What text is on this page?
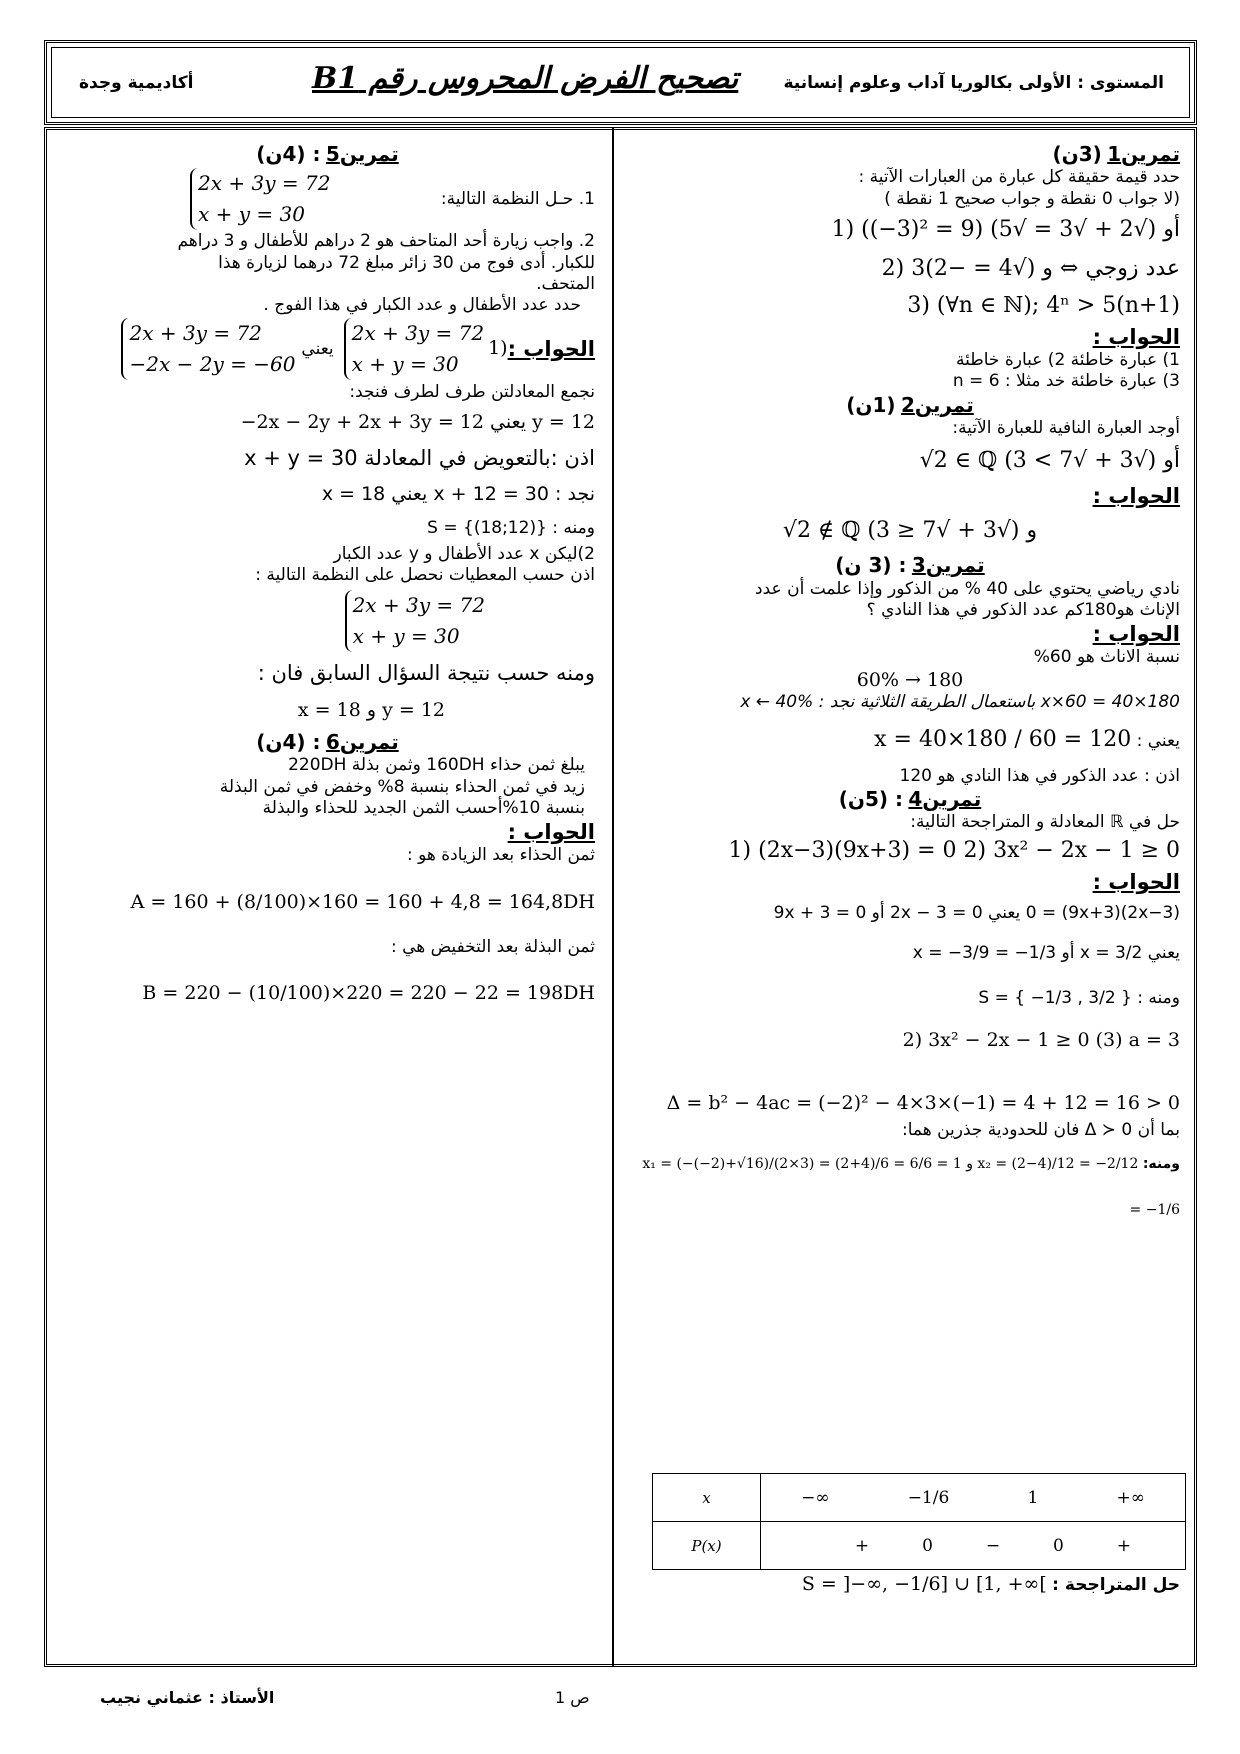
المستوى : الأولى بكالوريا آداب وعلوم إنسانية
تصحيح الفرض المحروس رقم B1
أكاديمية وجدة
تمرين1 (3ن)
حدد قيمة حقيقة كل عبارة من العبارات الآتية :
(لا جواب 0 نقطة و جواب صحيح 1 نقطة )
1) ((−3)² = 9) أو (√2 + √3 = √5)
2) 3عدد زوجي ⇔ و (√4 = −2)
3) (∀n ∈ ℕ); 4ⁿ > 5(n+1)
الحواب :
1) عبارة خاطئة 2) عبارة خاطئة
3) عبارة خاطئة خد مثلا : n = 6
تمرين2 (1ن)
أوجد العبارة النافية للعبارة الآتية:
√2 ∈ ℚ أو (√3 + √7 > 3)
الحواب :
√2 ∉ ℚ و (√3 + √7 ≤ 3)
تمرين3 : (3 ن)
نادي رياضي يحتوي على 40 % من الذكور وإذا علمت أن عدد
الإناث هو180كم عدد الذكور في هذا النادي ؟
الحواب :
نسبة الاناث هو 60%
60% → 180
x×60 = 40×180 باستعمال الطريقة الثلاثية نجد : x ← 40%
يعني : x = 40×180 / 60 = 120
اذن : عدد الذكور في هذا النادي هو 120
تمرين4 : (5ن)
حل في ℝ المعادلة و المتراجحة التالية:
1) (2x−3)(9x+3) = 0 2) 3x² − 2x − 1 ≥ 0
الحواب :
(2x−3)(9x+3) = 0 يعني 2x − 3 = 0 أو 9x + 3 = 0
يعني x = 3/2 أو x = −3/9 = −1/3
ومنه : S = { −1/3 , 3/2 }
2) 3x² − 2x − 1 ≥ 0 (3) a = 3
Δ = b² − 4ac = (−2)² − 4×3×(−1) = 4 + 12 = 16 > 0
بما أن Δ ≻ 0 فان للحدودية جذرين هما:
ومنه: x₁ = (−(−2)+√16)/(2×3) = (2+4)/6 = 6/6 = 1 و x₂ = (2−4)/12 = −2/12 = −1/6
x	−∞ −1/6 1 +∞

P(x)	+ 0 − 0 +
حل المتراجحة : S = ]−∞, −1/6] ∪ [1, +∞[
تمرين5 : (4ن)
1. حـل النظمة التالية:
2x + 3y = 72
x + y = 30
2. واجب زيارة أحد المتاحف هو 2 دراهم للأطفال و 3 دراهم
للكبار. أدى فوج من 30 زائر مبلغ 72 درهما لزيارة هذا
المتحف.
حدد عدد الأطفال و عدد الكبار في هذا الفوج .
الحواب :
1)
2x + 3y = 72
x + y = 30
يعني
2x + 3y = 72
−2x − 2y = −60
نجمع المعادلتن طرف لطرف فنجد:
−2x − 2y + 2x + 3y = 12 يعني y = 12
اذن :بالتعويض في المعادلة x + y = 30
نجد : x + 12 = 30 يعني x = 18
ومنه : S = {(18;12)}
2)ليكن x عدد الأطفال و y عدد الكبار
اذن حسب المعطيات نحصل على النظمة التالية :
2x + 3y = 72
x + y = 30
ومنه حسب نتيجة السؤال السابق فان :
x = 18 و y = 12
تمرين6 : (4ن)
يبلغ ثمن حذاء 160DH وثمن بذلة 220DH
زيد في ثمن الحذاء بنسبة 8% وخفض في ثمن البذلة
بنسبة 10%أحسب الثمن الجديد للحذاء والبذلة
الحواب :
ثمن الحذاء بعد الزيادة هو :
A = 160 + (8/100)×160 = 160 + 4,8 = 164,8DH
ثمن البذلة بعد التخفيض هي :
B = 220 − (10/100)×220 = 220 − 22 = 198DH
الأستاذ : عثماني نجيب	ص 1
